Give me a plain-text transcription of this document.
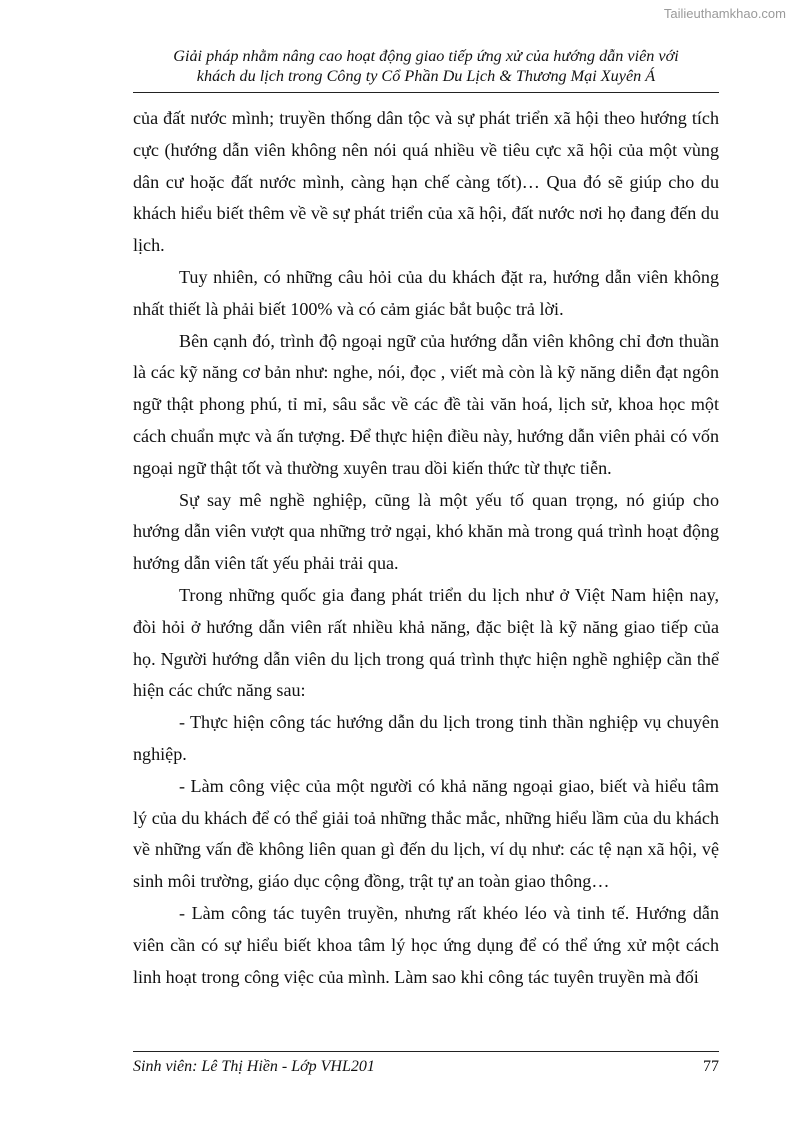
Tailieuthamkhao.com
Giải pháp nhằm nâng cao hoạt động giao tiếp ứng xử của hướng dẫn viên với
khách du lịch trong Công ty Cổ Phần Du Lịch & Thương Mại Xuyên Á

của đất nước mình; truyền thống dân tộc và sự phát triển xã hội theo hướng tích cực (hướng dẫn viên không nên nói quá nhiều về tiêu cực xã hội của một vùng dân cư hoặc đất nước mình, càng hạn chế càng tốt)… Qua đó sẽ giúp cho du khách hiểu biết thêm về về sự phát triển của xã hội, đất nước nơi họ đang đến du lịch.

Tuy nhiên, có những câu hỏi của du khách đặt ra, hướng dẫn viên không nhất thiết là phải biết 100% và có cảm giác bắt buộc trả lời.

Bên cạnh đó, trình độ ngoại ngữ của hướng dẫn viên không chỉ đơn thuần là các kỹ năng cơ bản như: nghe, nói, đọc , viết mà còn là kỹ năng diễn đạt ngôn ngữ thật phong phú, tỉ mỉ, sâu sắc về các đề tài văn hoá, lịch sử, khoa học một cách chuẩn mực và ấn tượng. Để thực hiện điều này, hướng dẫn viên phải có vốn ngoại ngữ thật tốt và thường xuyên trau dồi kiến thức từ thực tiễn.

Sự say mê nghề nghiệp, cũng là một yếu tố quan trọng, nó giúp cho hướng dẫn viên vượt qua những trở ngại, khó khăn mà trong quá trình hoạt động hướng dẫn viên tất yếu phải trải qua.

Trong những quốc gia đang phát triển du lịch như ở Việt Nam hiện nay, đòi hỏi ở hướng dẫn viên rất nhiều khả năng, đặc biệt là kỹ năng giao tiếp của họ. Người hướng dẫn viên du lịch trong quá trình thực hiện nghề nghiệp cần thể hiện các chức năng sau:

- Thực hiện công tác hướng dẫn du lịch trong tinh thần nghiệp vụ chuyên nghiệp.

- Làm công việc của một người có khả năng ngoại giao, biết và hiểu tâm lý của du khách để có thể giải toả những thắc mắc, những hiểu lầm của du khách về những vấn đề không liên quan gì đến du lịch, ví dụ như: các tệ nạn xã hội, vệ sinh môi trường, giáo dục cộng đồng, trật tự an toàn giao thông…

- Làm công tác tuyên truyền, nhưng rất khéo léo và tinh tế. Hướng dẫn viên cần có sự hiểu biết khoa tâm lý học ứng dụng để có thể ứng xử một cách linh hoạt trong công việc của mình. Làm sao khi công tác tuyên truyền mà đối

Sinh viên: Lê Thị Hiền - Lớp VHL201	77
